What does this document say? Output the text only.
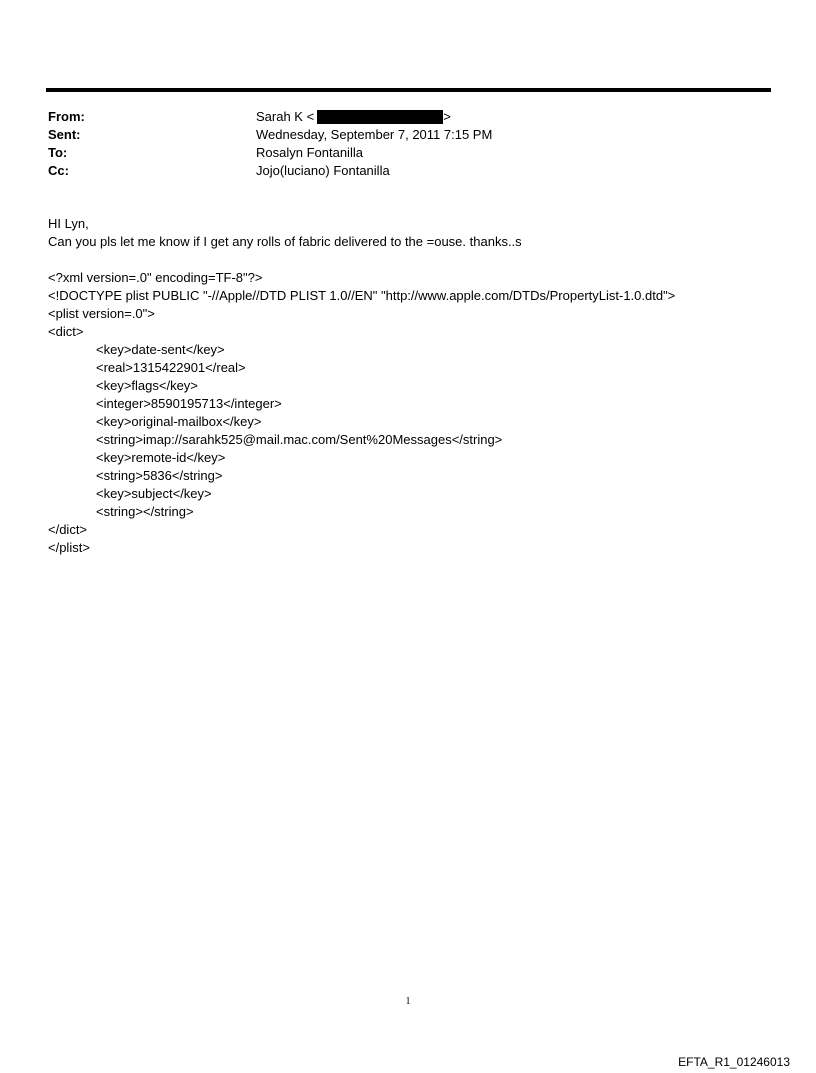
From:	Sarah K <	>
Sent:	Wednesday, September 7, 2011 7:15 PM
To:	Rosalyn Fontanilla
Cc:	Jojo(luciano) Fontanilla
HI Lyn,
Can you pls let me know if I get any rolls of fabric delivered to the =ouse. thanks..s
<?xml version=.0" encoding=TF-8"?>
<!DOCTYPE plist PUBLIC "-//Apple//DTD PLIST 1.0//EN" "http://www.apple.com/DTDs/PropertyList-1.0.dtd">
<plist version=.0">
<dict>
<key>date-sent</key>
<real>1315422901</real>
<key>flags</key>
<integer>8590195713</integer>
<key>original-mailbox</key>
<string>imap://sarahk525@mail.mac.com/Sent%20Messages</string>
<key>remote-id</key>
<string>5836</string>
<key>subject</key>
<string></string>
</dict>
</plist>
1
EFTA_R1_01246013
